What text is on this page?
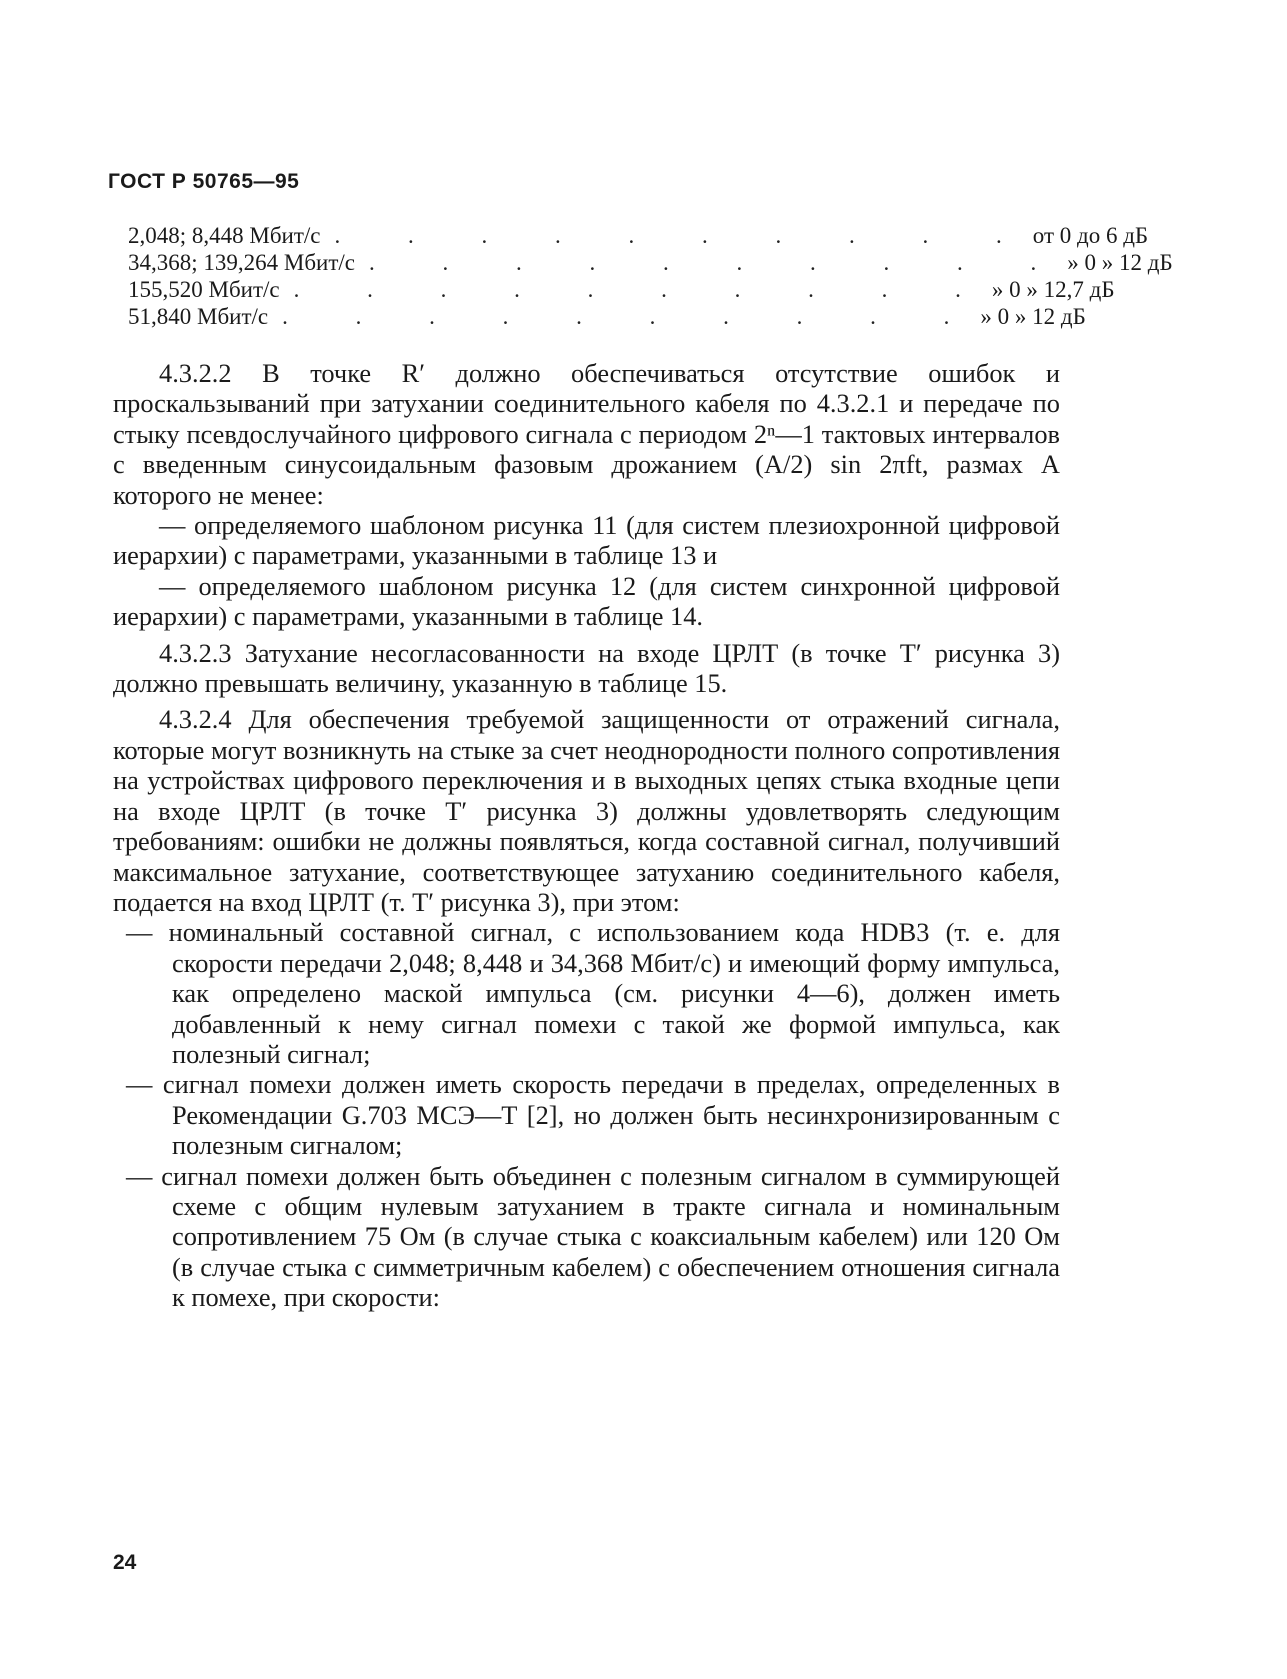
ГОСТ Р 50765—95
2,048; 8,448 Мбит/с . . . . . . . . . . от 0 до 6 дБ
34,368; 139,264 Мбит/с . . . . . . . . . . » 0 » 12 дБ
155,520 Мбит/с . . . . . . . . . . » 0 » 12,7 дБ
51,840 Мбит/с . . . . . . . . . . » 0 » 12 дБ

4.3.2.2 В точке R′ должно обеспечиваться отсутствие ошибок и проскальзываний при затухании соединительного кабеля по 4.3.2.1 и передаче по стыку псевдослучайного цифрового сигнала с периодом 2ⁿ—1 тактовых интервалов с введенным синусоидальным фазовым дрожанием (A/2) sin 2πft, размах A которого не менее:

— определяемого шаблоном рисунка 11 (для систем плезиохронной цифровой иерархии) с параметрами, указанными в таблице 13 и

— определяемого шаблоном рисунка 12 (для систем синхронной цифровой иерархии) с параметрами, указанными в таблице 14.

4.3.2.3 Затухание несогласованности на входе ЦРЛТ (в точке T′ рисунка 3) должно превышать величину, указанную в таблице 15.

4.3.2.4 Для обеспечения требуемой защищенности от отражений сигнала, которые могут возникнуть на стыке за счет неоднородности полного сопротивления на устройствах цифрового переключения и в выходных цепях стыка входные цепи на входе ЦРЛТ (в точке T′ рисунка 3) должны удовлетворять следующим требованиям: ошибки не должны появляться, когда составной сигнал, получивший максимальное затухание, соответствующее затуханию соединительного кабеля, подается на вход ЦРЛТ (т. T′ рисунка 3), при этом:

— номинальный составной сигнал, с использованием кода HDB3 (т. е. для скорости передачи 2,048; 8,448 и 34,368 Мбит/с) и имеющий форму импульса, как определено маской импульса (см. рисунки 4—6), должен иметь добавленный к нему сигнал помехи с такой же формой импульса, как полезный сигнал;

— сигнал помехи должен иметь скорость передачи в пределах, определенных в Рекомендации G.703 МСЭ—Т [2], но должен быть несинхронизированным с полезным сигналом;

— сигнал помехи должен быть объединен с полезным сигналом в суммирующей схеме с общим нулевым затуханием в тракте сигнала и номинальным сопротивлением 75 Ом (в случае стыка с коаксиальным кабелем) или 120 Ом (в случае стыка с симметричным кабелем) с обеспечением отношения сигнала к помехе, при скорости:

24
